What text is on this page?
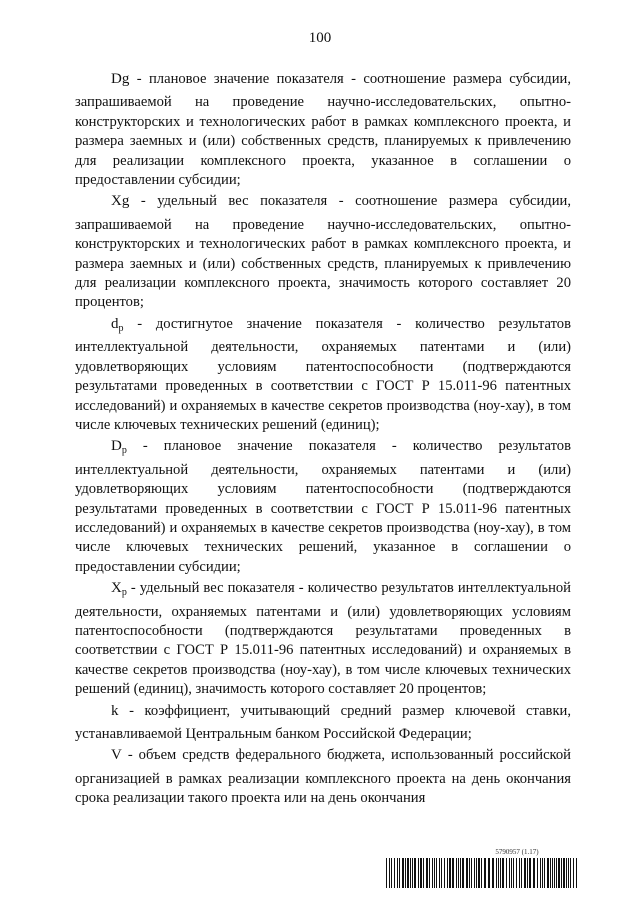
100

Dg - плановое значение показателя - соотношение размера субсидии, запрашиваемой на проведение научно-исследовательских, опытно-конструкторских и технологических работ в рамках комплексного проекта, и размера заемных и (или) собственных средств, планируемых к привлечению для реализации комплексного проекта, указанное в соглашении о предоставлении субсидии;

Xg - удельный вес показателя - соотношение размера субсидии, запрашиваемой на проведение научно-исследовательских, опытно-конструкторских и технологических работ в рамках комплексного проекта, и размера заемных и (или) собственных средств, планируемых к привлечению для реализации комплексного проекта, значимость которого составляет 20 процентов;

$d_p$ - достигнутое значение показателя - количество результатов интеллектуальной деятельности, охраняемых патентами и (или) удовлетворяющих условиям патентоспособности (подтверждаются результатами проведенных в соответствии с ГОСТ Р 15.011-96 патентных исследований) и охраняемых в качестве секретов производства (ноу-хау), в том числе ключевых технических решений (единиц);

$D_p$ - плановое значение показателя - количество результатов интеллектуальной деятельности, охраняемых патентами и (или) удовлетворяющих условиям патентоспособности (подтверждаются результатами проведенных в соответствии с ГОСТ Р 15.011-96 патентных исследований) и охраняемых в качестве секретов производства (ноу-хау), в том числе ключевых технических решений, указанное в соглашении о предоставлении субсидии;

$X_p$ - удельный вес показателя - количество результатов интеллектуальной деятельности, охраняемых патентами и (или) удовлетворяющих условиям патентоспособности (подтверждаются результатами проведенных в соответствии с ГОСТ Р 15.011-96 патентных исследований) и охраняемых в качестве секретов производства (ноу-хау), в том числе ключевых технических решений (единиц), значимость которого составляет 20 процентов;

k - коэффициент, учитывающий средний размер ключевой ставки, устанавливаемой Центральным банком Российской Федерации;

V - объем средств федерального бюджета, использованный российской организацией в рамках реализации комплексного проекта на день окончания срока реализации такого проекта или на день окончания

5790957 (1.17)
